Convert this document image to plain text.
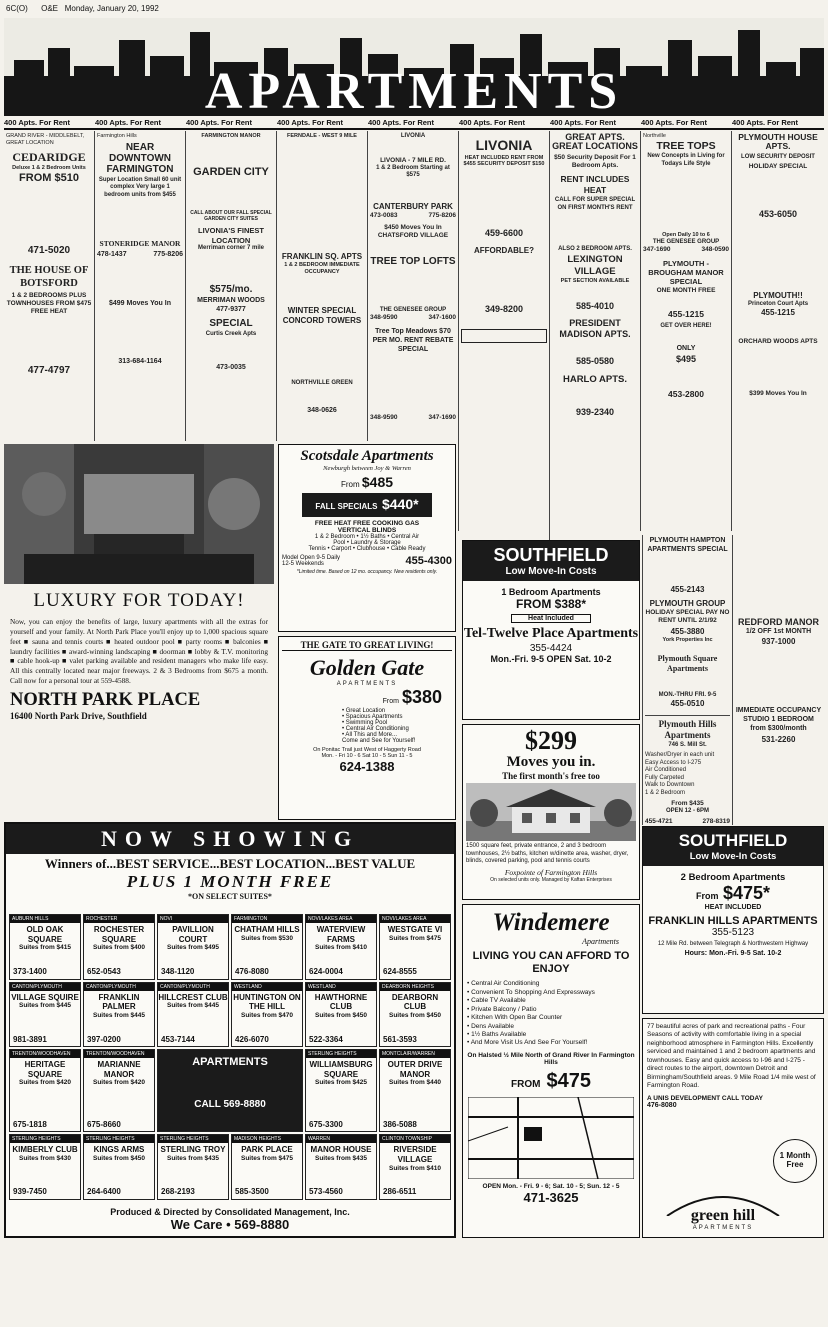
6C(O) O&E Monday, January 20, 1992
APARTMENTS
400 Apts. For Rent	400 Apts. For Rent	400 Apts. For Rent	400 Apts. For Rent	400 Apts. For Rent	400 Apts. For Rent	400 Apts. For Rent	400 Apts. For Rent	400 Apts. For Rent
GRAND RIVER - MIDDLEBELT, GREAT LOCATION
CEDARIDGE
Deluxe 1 & 2 Bedroom Units
FROM $510
471-5020
THE HOUSE OF BOTSFORD
1 & 2 BEDROOMS PLUS TOWNHOUSES FROM $475 FREE HEAT
477-4797
Farmington Hills
NEAR DOWNTOWN FARMINGTON
Super Location Small 60 unit complex Very large 1 bedroom units from $455
STONERIDGE MANOR
478-1437	775-8206
$499 Moves You In
313-684-1164
FARMINGTON MANOR
GARDEN CITY
CALL ABOUT OUR FALL SPECIAL GARDEN CITY SUITES
LIVONIA'S FINEST LOCATION
Merriman corner 7 mile
$575/mo.
MERRIMAN WOODS
477-9377
SPECIAL
Curtis Creek Apts
473-0035
FERNDALE - WEST 9 MILE
FRANKLIN SQ. APTS
1 & 2 BEDROOM IMMEDIATE OCCUPANCY
WINTER SPECIAL
CONCORD TOWERS
NORTHVILLE GREEN
348-0626
LIVONIA
LIVONIA - 7 MILE RD.
1 & 2 Bedroom Starting at $575
CANTERBURY PARK
473-0083	775-8206
$450 Moves You In
CHATSFORD VILLAGE
TREE TOP LOFTS
THE GENESEE GROUP
348-9590	347-1600
Tree Top Meadows $70 PER MO. RENT REBATE SPECIAL
348-9590	347-1690
LIVONIA
HEAT INCLUDED RENT FROM $455 SECURITY DEPOSIT $150
459-6600
AFFORDABLE?
349-8200
GREAT APTS. GREAT LOCATIONS
$50 Security Deposit For 1 Bedroom Apts.
RENT INCLUDES HEAT
CALL FOR SUPER SPECIAL ON FIRST MONTH'S RENT
ALSO 2 BEDROOM APTS.
LEXINGTON VILLAGE
PET SECTION AVAILABLE
585-4010
PRESIDENT MADISON APTS.
585-0580
HARLO APTS.
939-2340
Northville
TREE TOPS
New Concepts in Living for Todays Life Style
Open Daily 10 to 6
THE GENESEE GROUP
347-1690	348-0590
PLYMOUTH - BROUGHAM MANOR SPECIAL
ONE MONTH FREE
455-1215
GET OVER HERE!
ONLY
$495
453-2800
PLYMOUTH HOUSE APTS.
LOW SECURITY DEPOSIT
HOLIDAY SPECIAL
453-6050
PLYMOUTH!!
Princeton Court Apts
455-1215
ORCHARD WOODS APTS
$399 Moves You In
LUXURY FOR TODAY!
Now, you can enjoy the benefits of large, luxury apartments with all the extras for yourself and your family. At North Park Place you'll enjoy up to 1,000 spacious square feet ■ sauna and tennis courts ■ heated outdoor pool ■ party rooms ■ balconies ■ laundry facilities ■ award-winning landscaping ■ doorman ■ lobby & T.V. monitoring ■ cable hook-up ■ valet parking available and resident managers who make life easy. All this centrally located near major freeways. 2 & 3 Bedrooms from $675 a month. Call now for a personal tour at 559-4588.
NORTH PARK PLACE
16400 North Park Drive, Southfield
Scotsdale Apartments
Newburgh between Joy & Warren
From $485
FALL SPECIALS $440*
FREE HEAT FREE COOKING GAS
VERTICAL BLINDS
1 & 2 Bedroom • 1½ Baths • Central Air
Pool • Laundry & Storage
Tennis • Carport • Clubhouse • Cable Ready
Model Open 9-5 Daily
12-5 Weekends	455-4300
*Limited time. Based on 12 mo. occupancy. New residents only.
THE GATE TO GREAT LIVING!
Golden Gate
APARTMENTS
From $380
• Great Location
• Spacious Apartments
• Swimming Pool
• Central Air Conditioning
• All This and More...
Come and See for Yourself!
On Ponitac Trail just West of Haggerty Road
Mon. - Fri 10 - 6 Sat 10 - 5 Sun 11 - 5
624-1388
SOUTHFIELD
Low Move-In Costs
1 Bedroom Apartments
FROM $388*
Heat Included
Tel-Twelve Place Apartments
355-4424
Mon.-Fri. 9-5 OPEN Sat. 10-2
$299
Moves you in.
The first month's free too
1500 square feet, private entrance, 2 and 3 bedroom townhouses, 2½ baths, kitchen w/dinette area, washer, dryer, blinds, covered parking, pool and tennis courts
Foxpointe of Farmington Hills
On selected units only. Managed by Kaftan Enterprises
PLYMOUTH HAMPTON APARTMENTS SPECIAL
455-2143
PLYMOUTH GROUP
HOLIDAY SPECIAL PAY NO RENT UNTIL 2/1/92
455-3880
York Properties Inc
Plymouth Square Apartments
MON.-THRU FRI. 9-5
455-0510
Plymouth Hills Apartments
746 S. Mill St.
Washer/Dryer in each unit
Easy Access to I-275
Air Conditioned
Fully Carpeted
Walk to Downtown
1 & 2 Bedroom
From $435
OPEN 12 - 6PM
455-4721	278-8319
REDFORD MANOR
1/2 OFF 1st MONTH
937-1000
IMMEDIATE OCCUPANCY STUDIO 1 BEDROOM from $300/month
531-2260
SOUTHFIELD
Low Move-In Costs
2 Bedroom Apartments
From $475*
HEAT INCLUDED
FRANKLIN HILLS APARTMENTS
355-5123
12 Mile Rd. between Telegraph & Northwestern Highway
Hours: Mon.-Fri. 9-5 Sat. 10-2
Windemere
Apartments
LIVING YOU CAN AFFORD TO ENJOY
• Central Air Conditioning
• Convenient To Shopping And Expressways
• Cable TV Available
• Private Balcony / Patio
• Kitchen With Open Bar Counter
• Dens Available
• 1½ Baths Available
• And More Visit Us And See For Yourself!
On Halsted ½ Mile North of Grand River In Farmington Hills
FROM $475
OPEN Mon. - Fri. 9 - 6; Sat. 10 - 5; Sun. 12 - 5
471-3625
77 beautiful acres of park and recreational paths - Four Seasons of activity with comfortable living in a special neighborhood atmosphere in Farmington Hills. Excellently serviced and maintained 1 and 2 bedroom apartments and townhouses. Easy and quick access to I-96 and I-275 - direct routes to the airport, downtown Detroit and Birmingham/Southfield areas. 9 Mile Road 1/4 mile west of Farmington Road.
A UNIS DEVELOPMENT CALL TODAY
476-8080
1 Month Free
green hill
APARTMENTS
NOW SHOWING
Winners of...BEST SERVICE...BEST LOCATION...BEST VALUE
PLUS 1 MONTH FREE
*ON SELECT SUITES*
AUBURN HILLS
OLD OAK SQUARE
Suites from $415
373-1400
ROCHESTER
ROCHESTER SQUARE
Suites from $400
652-0543
NOVI
PAVILLION COURT
Suites from $495
348-1120
FARMINGTON
CHATHAM HILLS
Suites from $530
476-8080
NOVI/LAKES AREA
WATERVIEW FARMS
Suites from $410
624-0004
NOVI/LAKES AREA
WESTGATE VI
Suites from $475
624-8555
CANTON/PLYMOUTH
VILLAGE SQUIRE
Suites from $445
981-3891
CANTON/PLYMOUTH
FRANKLIN PALMER
Suites from $445
397-0200
CANTON/PLYMOUTH
HILLCREST CLUB
Suites from $445
453-7144
WESTLAND
HUNTINGTON ON THE HILL
Suites from $470
426-6070
WESTLAND
HAWTHORNE CLUB
Suites from $450
522-3364
DEARBORN HEIGHTS
DEARBORN CLUB
Suites from $450
561-3593
TRENTON/WOODHAVEN
HERITAGE SQUARE
Suites from $420
675-1818
TRENTON/WOODHAVEN
MARIANNE MANOR
Suites from $420
675-8660
APARTMENTS
CALL 569-8880
STERLING HEIGHTS
WILLIAMSBURG SQUARE
Suites from $425
675-3300
MONTCLAIR/WARREN
OUTER DRIVE MANOR
Suites from $440
386-5088
STERLING HEIGHTS
KIMBERLY CLUB
Suites from $430
939-7450
STERLING HEIGHTS
KINGS ARMS
Suites from $450
264-6400
STERLING HEIGHTS
STERLING TROY
Suites from $435
268-2193
MADISON HEIGHTS
PARK PLACE
Suites from $475
585-3500
WARREN
MANOR HOUSE
Suites from $435
573-4560
CLINTON TOWNSHIP
RIVERSIDE VILLAGE
Suites from $410
286-6511
Produced & Directed by Consolidated Management, Inc.
We Care • 569-8880
